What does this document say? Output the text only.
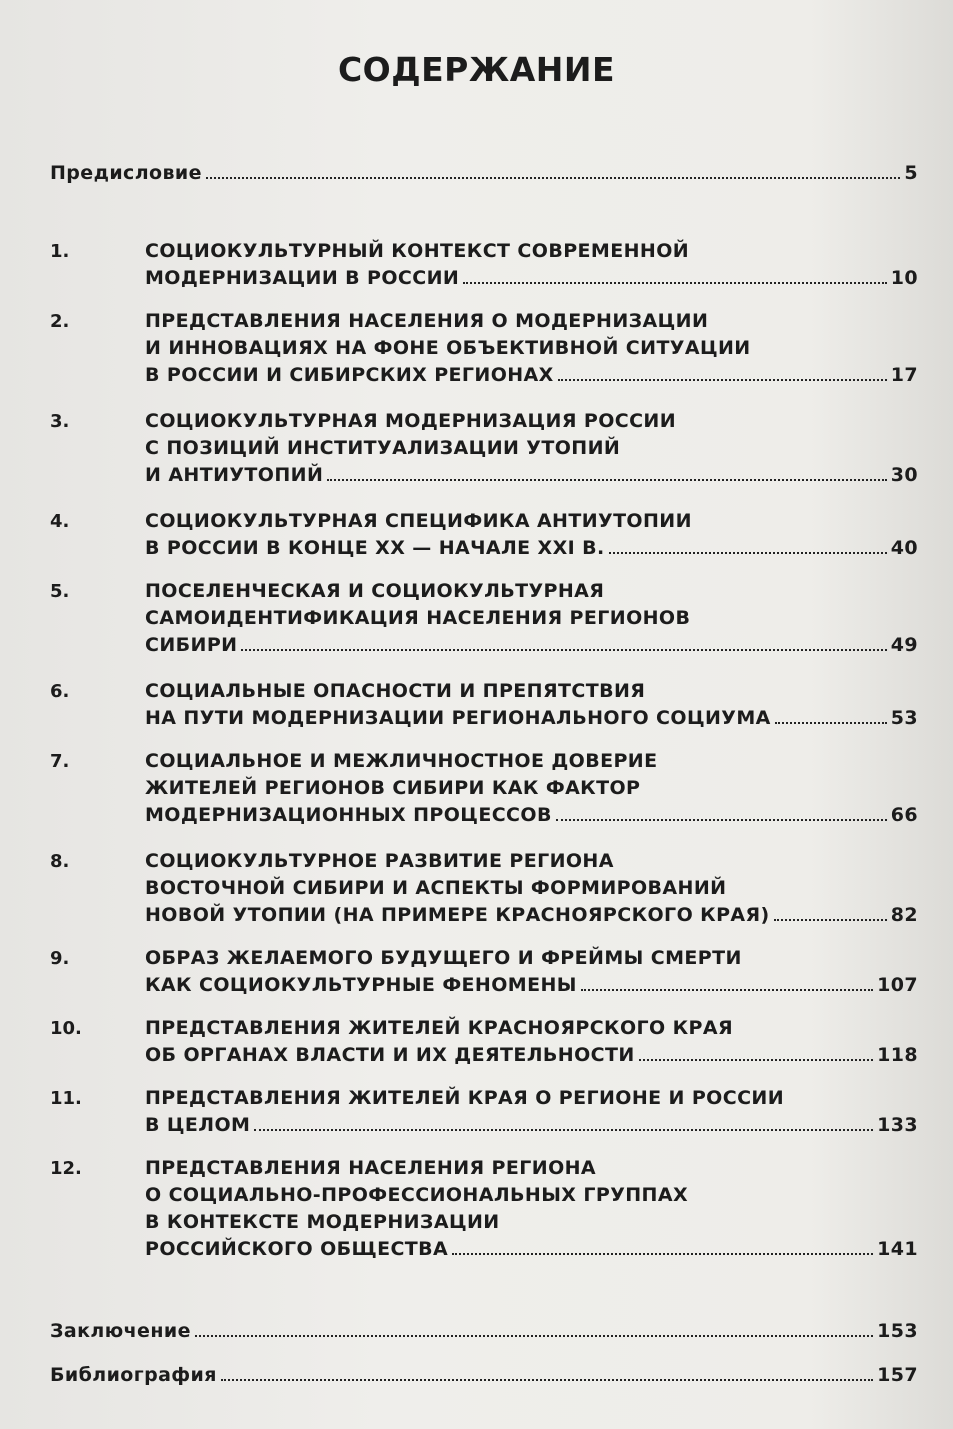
СОДЕРЖАНИЕ
Предисловие	5
1.	СОЦИОКУЛЬТУРНЫЙ КОНТЕКСТ СОВРЕМЕННОЙ
МОДЕРНИЗАЦИИ В РОССИИ	10
2.	ПРЕДСТАВЛЕНИЯ НАСЕЛЕНИЯ О МОДЕРНИЗАЦИИ
И ИННОВАЦИЯХ НА ФОНЕ ОБЪЕКТИВНОЙ СИТУАЦИИ
В РОССИИ И СИБИРСКИХ РЕГИОНАХ	17
3.	СОЦИОКУЛЬТУРНАЯ МОДЕРНИЗАЦИЯ РОССИИ
С ПОЗИЦИЙ ИНСТИТУАЛИЗАЦИИ УТОПИЙ
И АНТИУТОПИЙ	30
4.	СОЦИОКУЛЬТУРНАЯ СПЕЦИФИКА АНТИУТОПИИ
В РОССИИ В КОНЦЕ XX — НАЧАЛЕ XXI В.	40
5.	ПОСЕЛЕНЧЕСКАЯ И СОЦИОКУЛЬТУРНАЯ
САМОИДЕНТИФИКАЦИЯ НАСЕЛЕНИЯ РЕГИОНОВ
СИБИРИ	49
6.	СОЦИАЛЬНЫЕ ОПАСНОСТИ И ПРЕПЯТСТВИЯ
НА ПУТИ МОДЕРНИЗАЦИИ РЕГИОНАЛЬНОГО СОЦИУМА	53
7.	СОЦИАЛЬНОЕ И МЕЖЛИЧНОСТНОЕ ДОВЕРИЕ
ЖИТЕЛЕЙ РЕГИОНОВ СИБИРИ КАК ФАКТОР
МОДЕРНИЗАЦИОННЫХ ПРОЦЕССОВ	66
8.	СОЦИОКУЛЬТУРНОЕ РАЗВИТИЕ РЕГИОНА
ВОСТОЧНОЙ СИБИРИ И АСПЕКТЫ ФОРМИРОВАНИЙ
НОВОЙ УТОПИИ (НА ПРИМЕРЕ КРАСНОЯРСКОГО КРАЯ)	82
9.	ОБРАЗ ЖЕЛАЕМОГО БУДУЩЕГО И ФРЕЙМЫ СМЕРТИ
КАК СОЦИОКУЛЬТУРНЫЕ ФЕНОМЕНЫ	107
10.	ПРЕДСТАВЛЕНИЯ ЖИТЕЛЕЙ КРАСНОЯРСКОГО КРАЯ
ОБ ОРГАНАХ ВЛАСТИ И ИХ ДЕЯТЕЛЬНОСТИ	118
11.	ПРЕДСТАВЛЕНИЯ ЖИТЕЛЕЙ КРАЯ О РЕГИОНЕ И РОССИИ
В ЦЕЛОМ	133
12.	ПРЕДСТАВЛЕНИЯ НАСЕЛЕНИЯ РЕГИОНА
О СОЦИАЛЬНО-ПРОФЕССИОНАЛЬНЫХ ГРУППАХ
В КОНТЕКСТЕ МОДЕРНИЗАЦИИ
РОССИЙСКОГО ОБЩЕСТВА	141
Заключение	153
Библиография	157
